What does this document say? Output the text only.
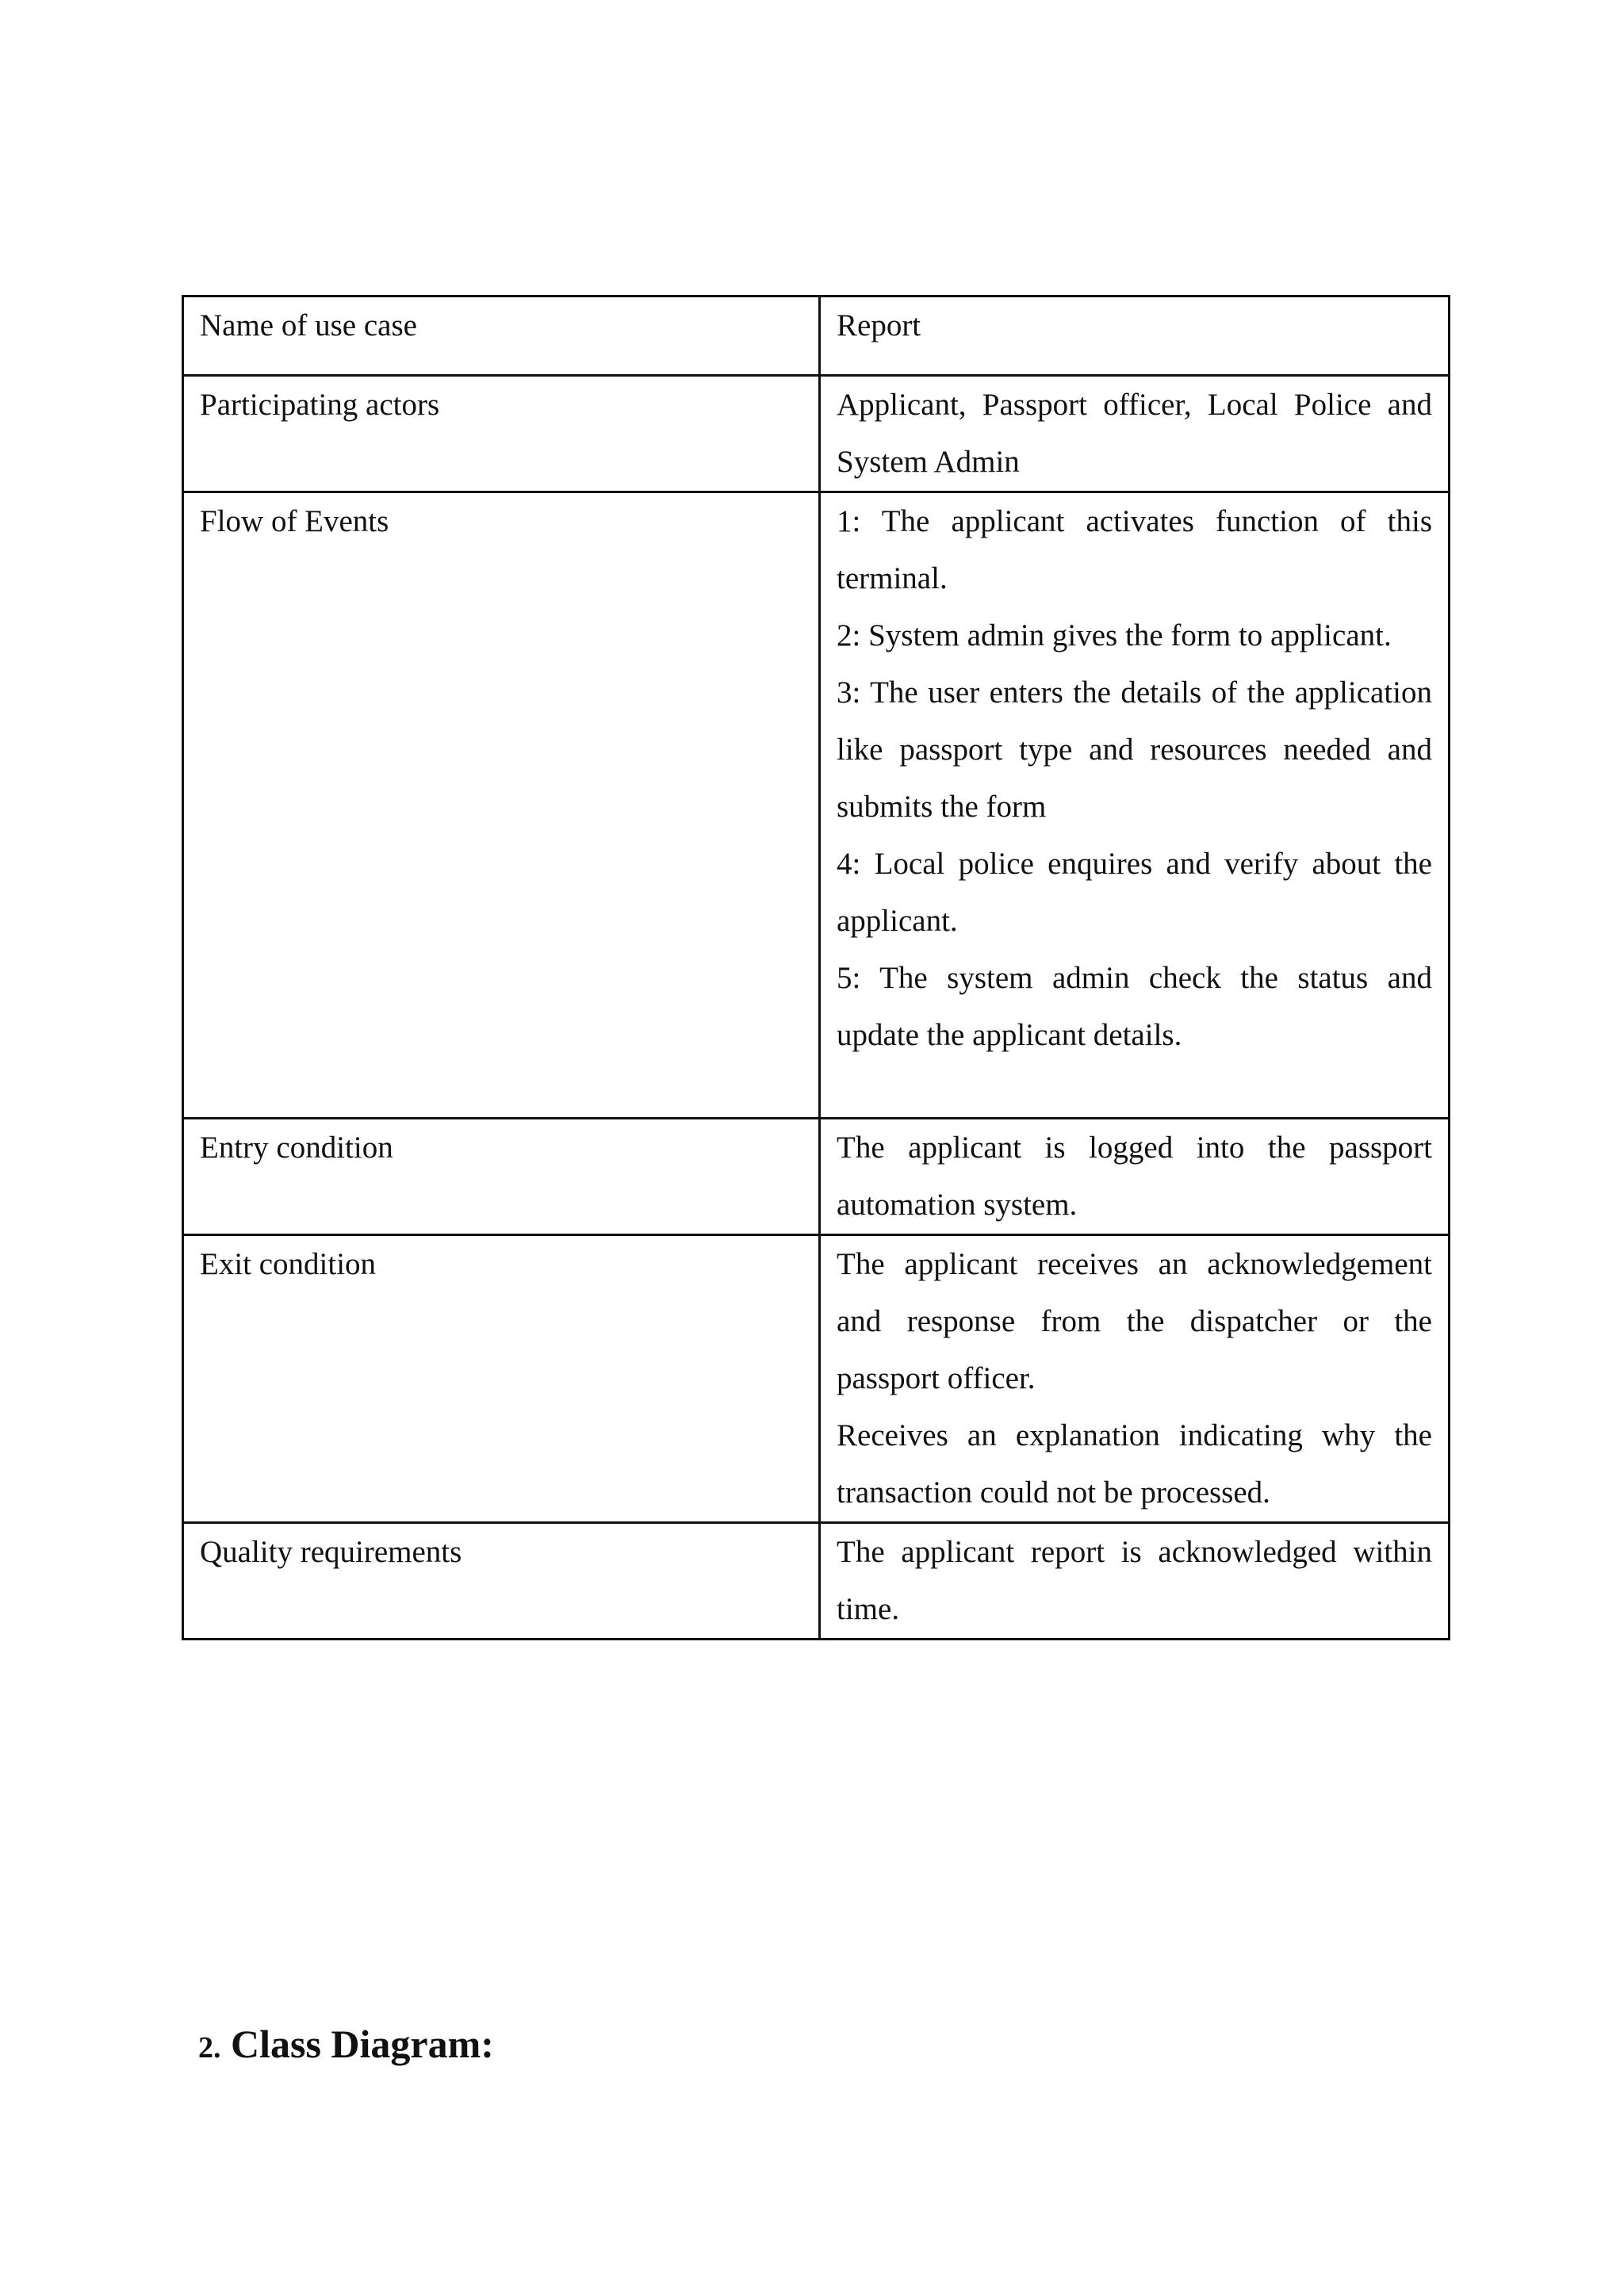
Name of use case	Report

Participating actors	Applicant, Passport officer, Local Police and System Admin

Flow of Events	1: The applicant activates function of this terminal.
2: System admin gives the form to applicant.
3: The user enters the details of the application like passport type and resources needed and submits the form
4: Local police enquires and verify about the applicant.
5: The system admin check the status and update the applicant details.

Entry condition	The applicant is logged into the passport automation system.

Exit condition	The applicant receives an acknowledgement and response from the dispatcher or the passport officer.
Receives an explanation indicating why the transaction could not be processed.

Quality requirements	The applicant report is acknowledged within time.
2. Class Diagram:
